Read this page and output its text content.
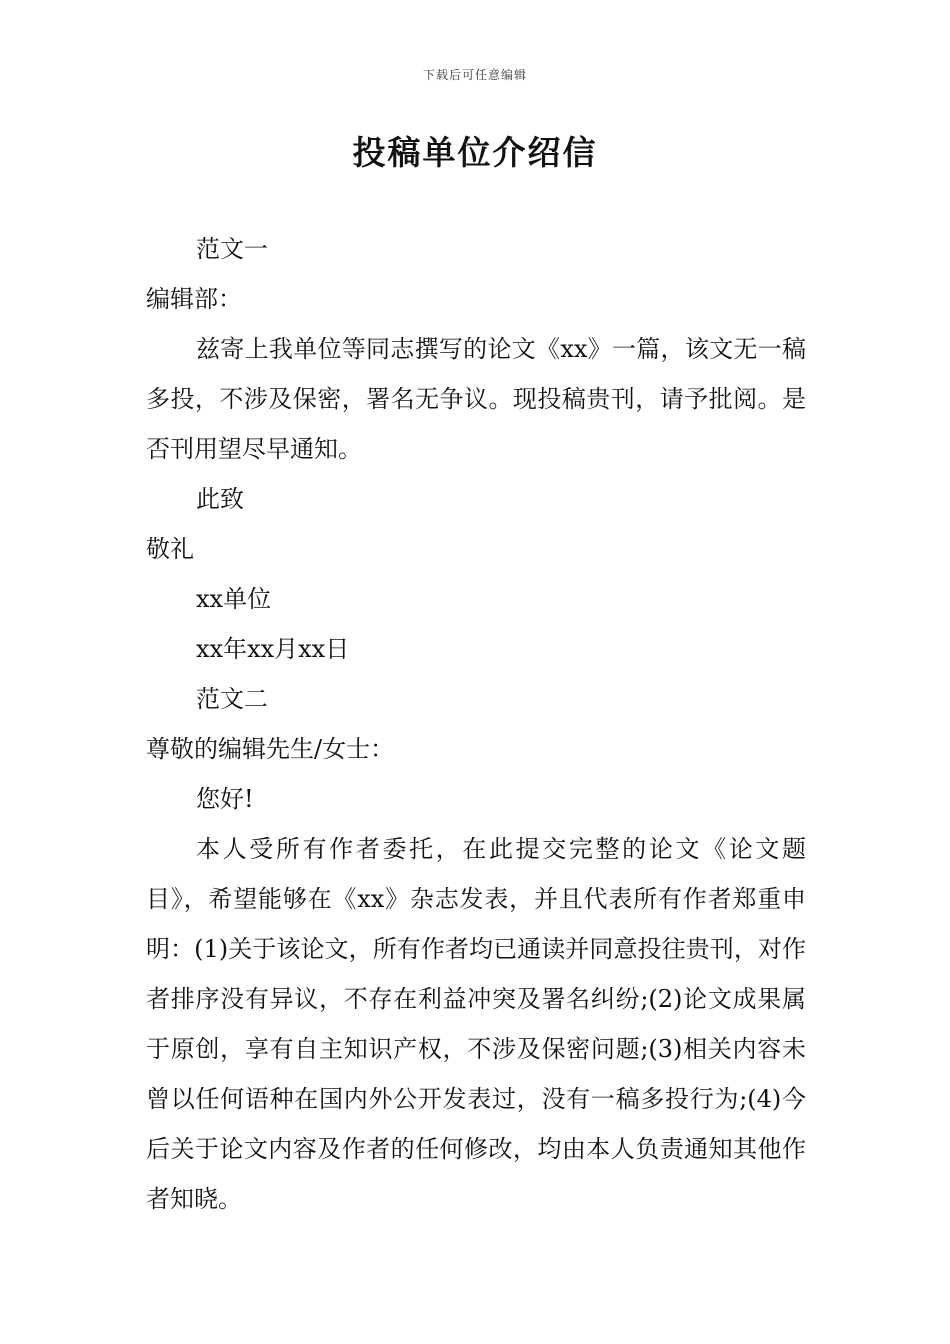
下载后可任意编辑
投稿单位介绍信

范文一

编辑部：

兹寄上我单位等同志撰写的论文《xx》一篇，该文无一稿多投，不涉及保密，署名无争议。现投稿贵刊，请予批阅。是否刊用望尽早通知。

此致

敬礼

xx单位

xx年xx月xx日

范文二

尊敬的编辑先生/女士：

您好!

本人受所有作者委托，在此提交完整的论文《论文题目》，希望能够在《xx》杂志发表，并且代表所有作者郑重申明：(1)关于该论文，所有作者均已通读并同意投往贵刊，对作者排序没有异议，不存在利益冲突及署名纠纷;(2)论文成果属于原创，享有自主知识产权，不涉及保密问题;(3)相关内容未曾以任何语种在国内外公开发表过，没有一稿多投行为;(4)今后关于论文内容及作者的任何修改，均由本人负责通知其他作者知晓。
